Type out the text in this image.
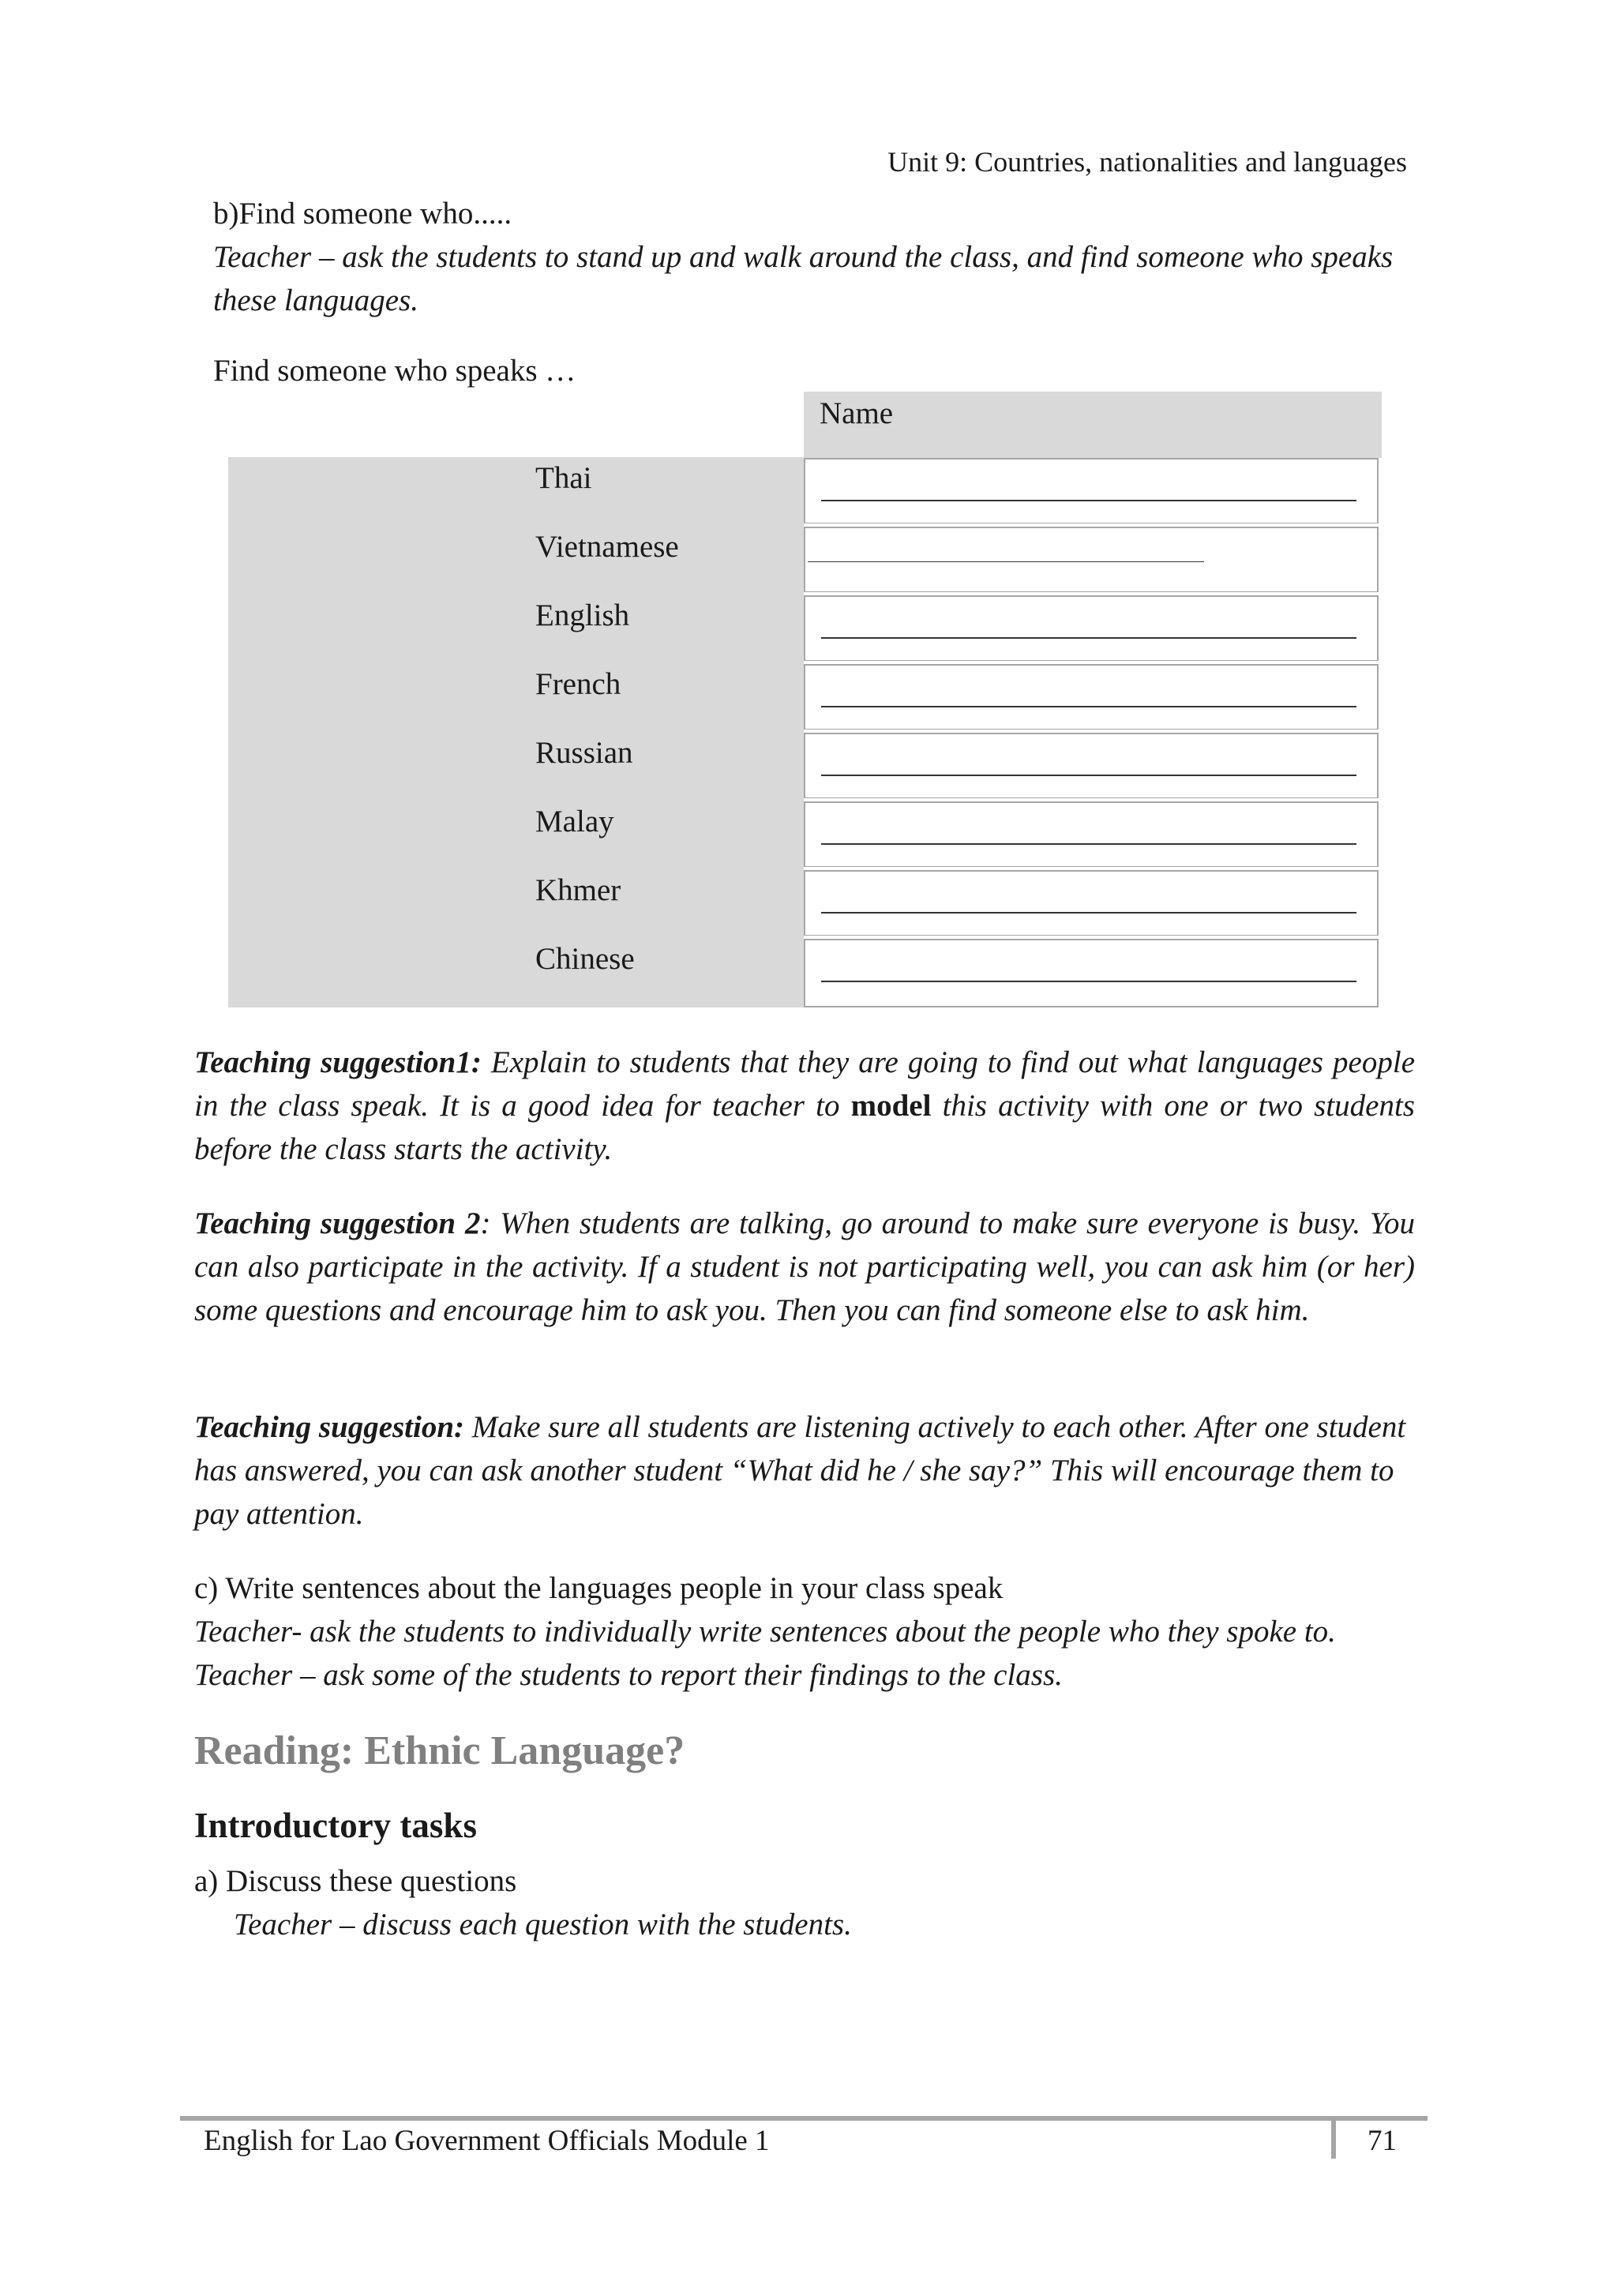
Unit 9: Countries, nationalities and languages
b)Find someone who.....
Teacher – ask the students to stand up and walk around the class, and find someone who speaks these languages.
Find someone who speaks …
Name
Thai
Vietnamese
English
French
Russian
Malay
Khmer
Chinese
Teaching suggestion1: Explain to students that they are going to find out what languages people in the class speak. It is a good idea for teacher to model this activity with one or two students before the class starts the activity.
Teaching suggestion 2: When students are talking, go around to make sure everyone is busy. You can also participate in the activity. If a student is not participating well, you can ask him (or her) some questions and encourage him to ask you. Then you can find someone else to ask him.
Teaching suggestion: Make sure all students are listening actively to each other. After one student has answered, you can ask another student “What did he / she say?” This will encourage them to pay attention.
c) Write sentences about the languages people in your class speak
Teacher- ask the students to individually write sentences about the people who they spoke to.
Teacher – ask some of the students to report their findings to the class.
Reading: Ethnic Language?
Introductory tasks
a) Discuss these questions
Teacher – discuss each question with the students.
English for Lao Government Officials Module 1	71
